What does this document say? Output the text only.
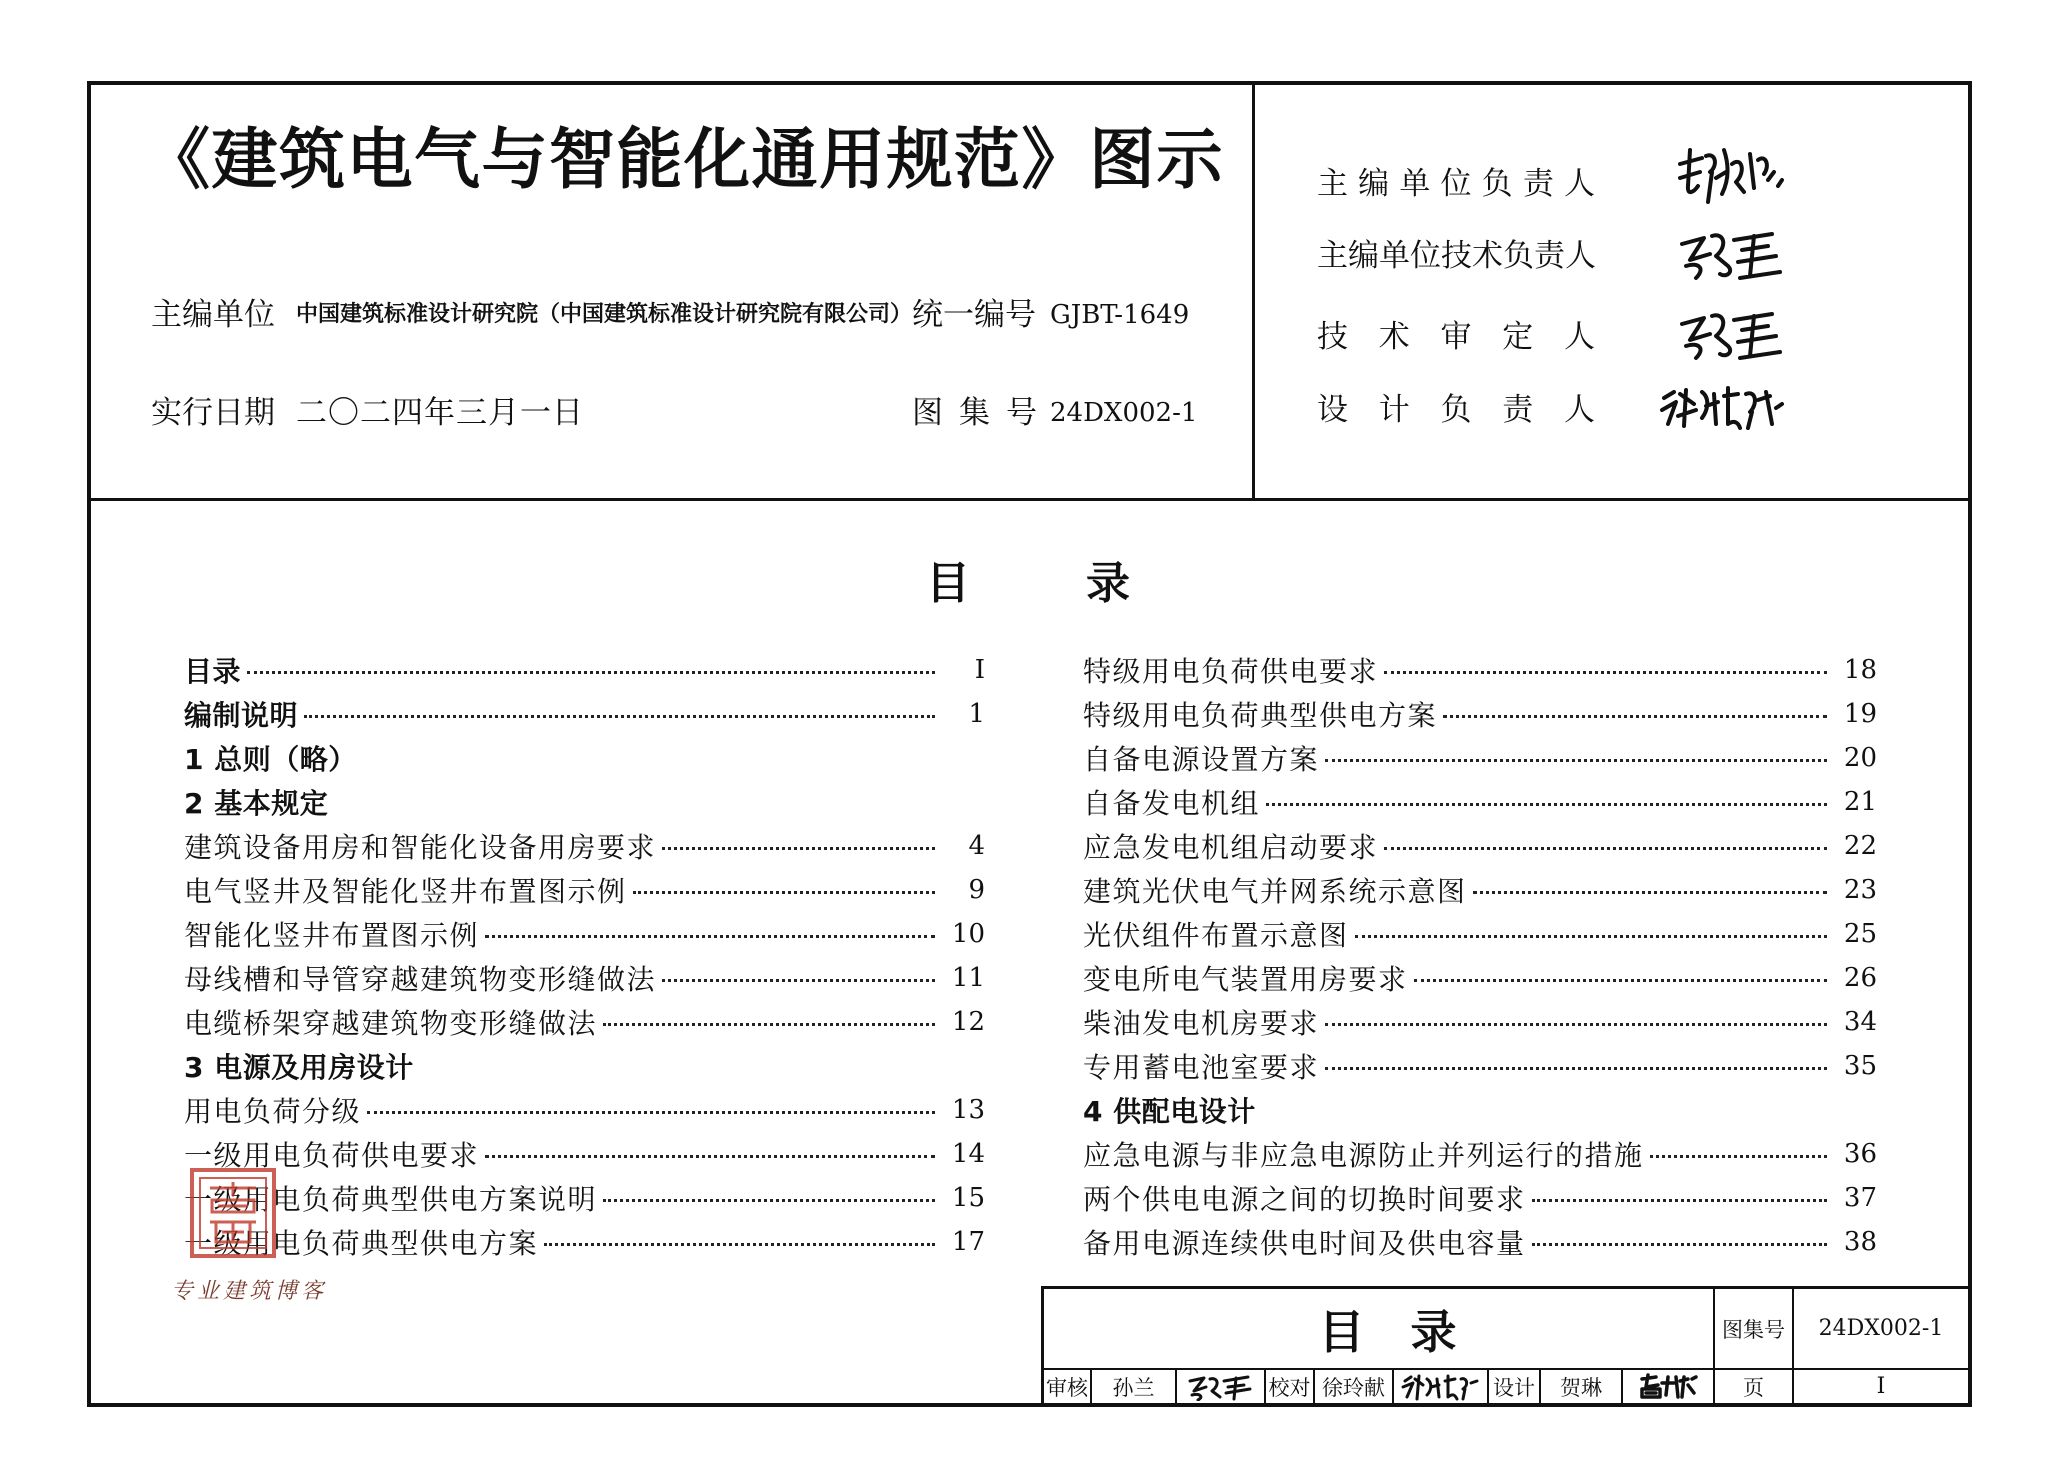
《建筑电气与智能化通用规范》图示
主编单位 中国建筑标准设计研究院（中国建筑标准设计研究院有限公司） 统一编号 GJBT-1649
实行日期 二〇二四年三月一日	图 集 号 24DX002-1
主编单位负责人
主编单位技术负责人
技 术 审 定 人
设 计 负 责 人
目　录
目录	I
编制说明	1
1 总则（略）
2 基本规定
建筑设备用房和智能化设备用房要求	4
电气竖井及智能化竖井布置图示例	9
智能化竖井布置图示例	10
母线槽和导管穿越建筑物变形缝做法	11
电缆桥架穿越建筑物变形缝做法	12
3 电源及用房设计
用电负荷分级	13
一级用电负荷供电要求	14
一级用电负荷典型供电方案说明	15
一级用电负荷典型供电方案	17
特级用电负荷供电要求	18
特级用电负荷典型供电方案	19
自备电源设置方案	20
自备发电机组	21
应急发电机组启动要求	22
建筑光伏电气并网系统示意图	23
光伏组件布置示意图	25
变电所电气装置用房要求	26
柴油发电机房要求	34
专用蓄电池室要求	35
4 供配电设计
应急电源与非应急电源防止并列运行的措施	36
两个供电电源之间的切换时间要求	37
备用电源连续供电时间及供电容量	38
专业建筑博客
目　录	图集号	24DX002-1
审核	孙兰	校对 徐玲献	设计	贺琳	页	I
